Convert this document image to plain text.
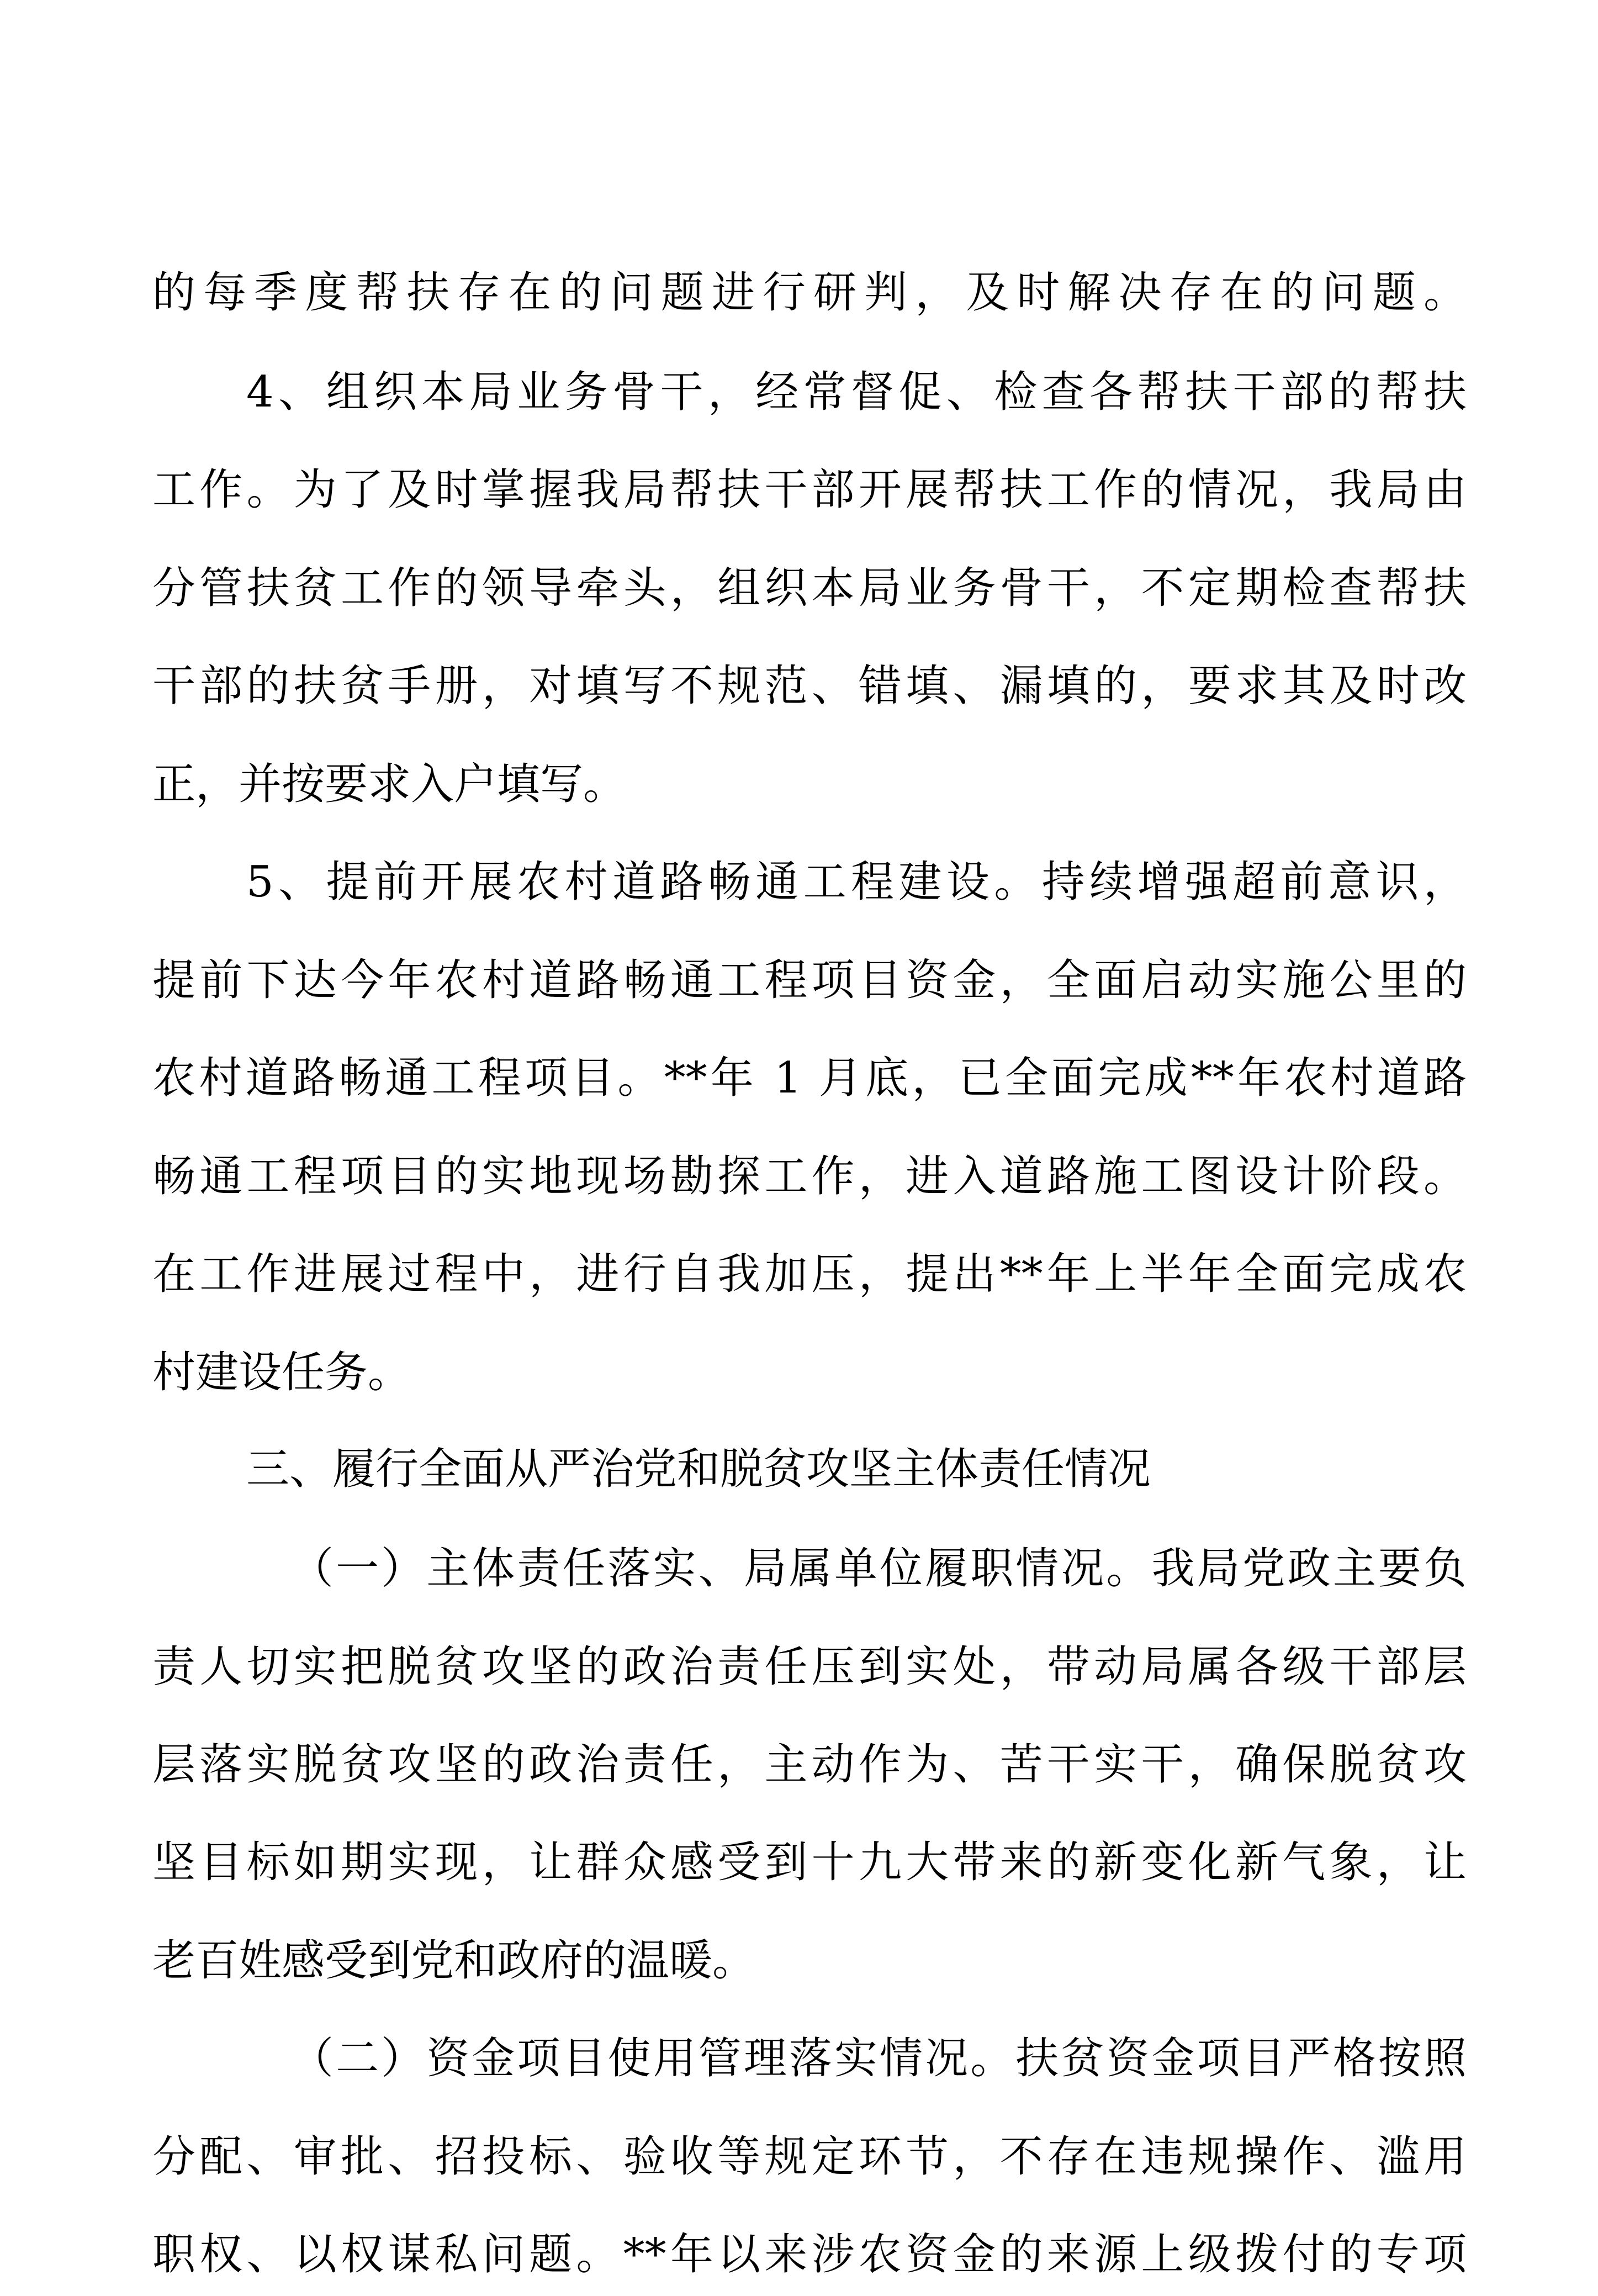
的每季度帮扶存在的问题进行研判，及时解决存在的问题。

4、组织本局业务骨干，经常督促、检查各帮扶干部的帮扶

工作。为了及时掌握我局帮扶干部开展帮扶工作的情况，我局由

分管扶贫工作的领导牵头，组织本局业务骨干，不定期检查帮扶

干部的扶贫手册，对填写不规范、错填、漏填的，要求其及时改

正，并按要求入户填写。

5、提前开展农村道路畅通工程建设。持续增强超前意识，

提前下达今年农村道路畅通工程项目资金，全面启动实施公里的

农村道路畅通工程项目。**年 1 月底，已全面完成**年农村道路

畅通工程项目的实地现场勘探工作，进入道路施工图设计阶段。

在工作进展过程中，进行自我加压，提出**年上半年全面完成农

村建设任务。

三、履行全面从严治党和脱贫攻坚主体责任情况

（一）主体责任落实、局属单位履职情况。我局党政主要负

责人切实把脱贫攻坚的政治责任压到实处，带动局属各级干部层

层落实脱贫攻坚的政治责任，主动作为、苦干实干，确保脱贫攻

坚目标如期实现，让群众感受到十九大带来的新变化新气象，让

老百姓感受到党和政府的温暖。

（二）资金项目使用管理落实情况。扶贫资金项目严格按照

分配、审批、招投标、验收等规定环节，不存在违规操作、滥用

职权、以权谋私问题。**年以来涉农资金的来源上级拨付的专项
